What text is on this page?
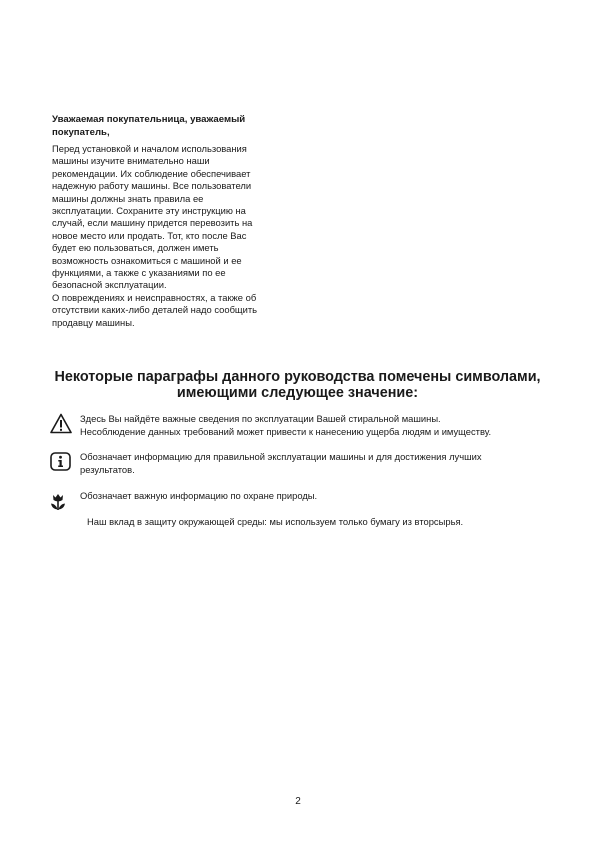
Уважаемая покупательница, уважаемый
покупатель,
Перед установкой и началом использования
машины изучите внимательно наши
рекомендации. Их соблюдение обеспечивает
надежную работу машины. Все пользователи
машины должны знать правила ее
эксплуатации. Сохраните эту инструкцию на
случай, если машину придется перевозить на
новое место или продать. Тот, кто после Вас
будет ею пользоваться, должен иметь
возможность ознакомиться с машиной и ее
функциями, а также с указаниями по ее
безопасной эксплуатации.
О повреждениях и неисправностях, а также об
отсутствии каких-либо деталей надо сообщить
продавцу машины.
Некоторые параграфы данного руководства помечены символами,
имеющими следующее значение:
Здесь Вы найдёте важные сведения по эксплуатации Вашей стиральной машины.
Несоблюдение данных требований может привести к нанесению ущерба людям и имуществу.
Обозначает информацию для правильной эксплуатации машины и для достижения лучших
результатов.
Обозначает важную информацию по охране природы.
Наш вклад в защиту окружающей среды: мы используем только бумагу из вторсырья.
2
